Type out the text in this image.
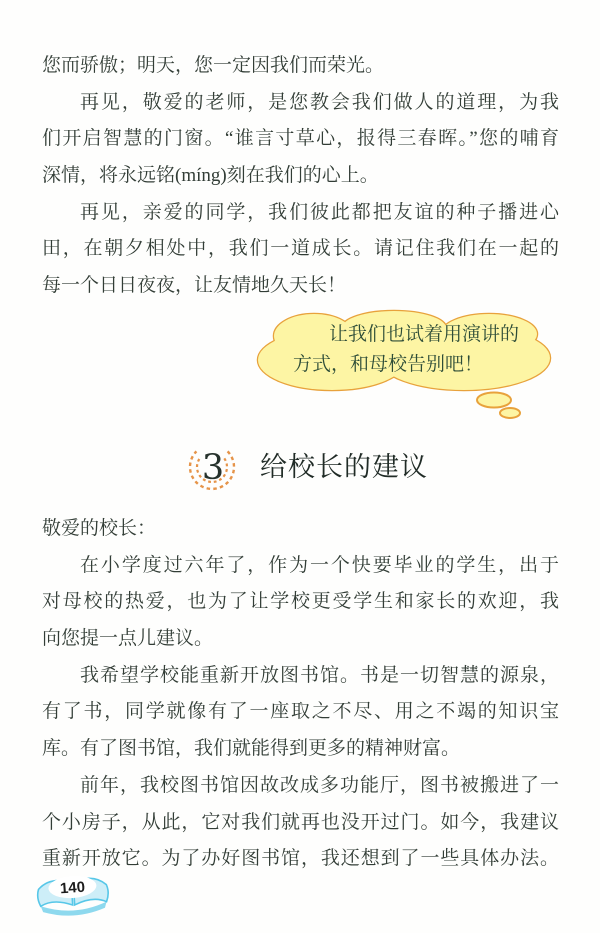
您而骄傲；明天，您一定因我们而荣光。
再见，敬爱的老师，是您教会我们做人的道理，为我
们开启智慧的门窗。“谁言寸草心，报得三春晖。”您的哺育
深情，将永远铭(míng)刻在我们的心上。
再见，亲爱的同学，我们彼此都把友谊的种子播进心
田，在朝夕相处中，我们一道成长。请记住我们在一起的
每一个日日夜夜，让友情地久天长！
让我们也试着用演讲的
方式，和母校告别吧！
3 给校长的建议
敬爱的校长：
在小学度过六年了，作为一个快要毕业的学生，出于
对母校的热爱，也为了让学校更受学生和家长的欢迎，我
向您提一点儿建议。
我希望学校能重新开放图书馆。书是一切智慧的源泉，
有了书，同学就像有了一座取之不尽、用之不竭的知识宝
库。有了图书馆，我们就能得到更多的精神财富。
前年，我校图书馆因故改成多功能厅，图书被搬进了一
个小房子，从此，它对我们就再也没开过门。如今，我建议
重新开放它。为了办好图书馆，我还想到了一些具体办法。
140
